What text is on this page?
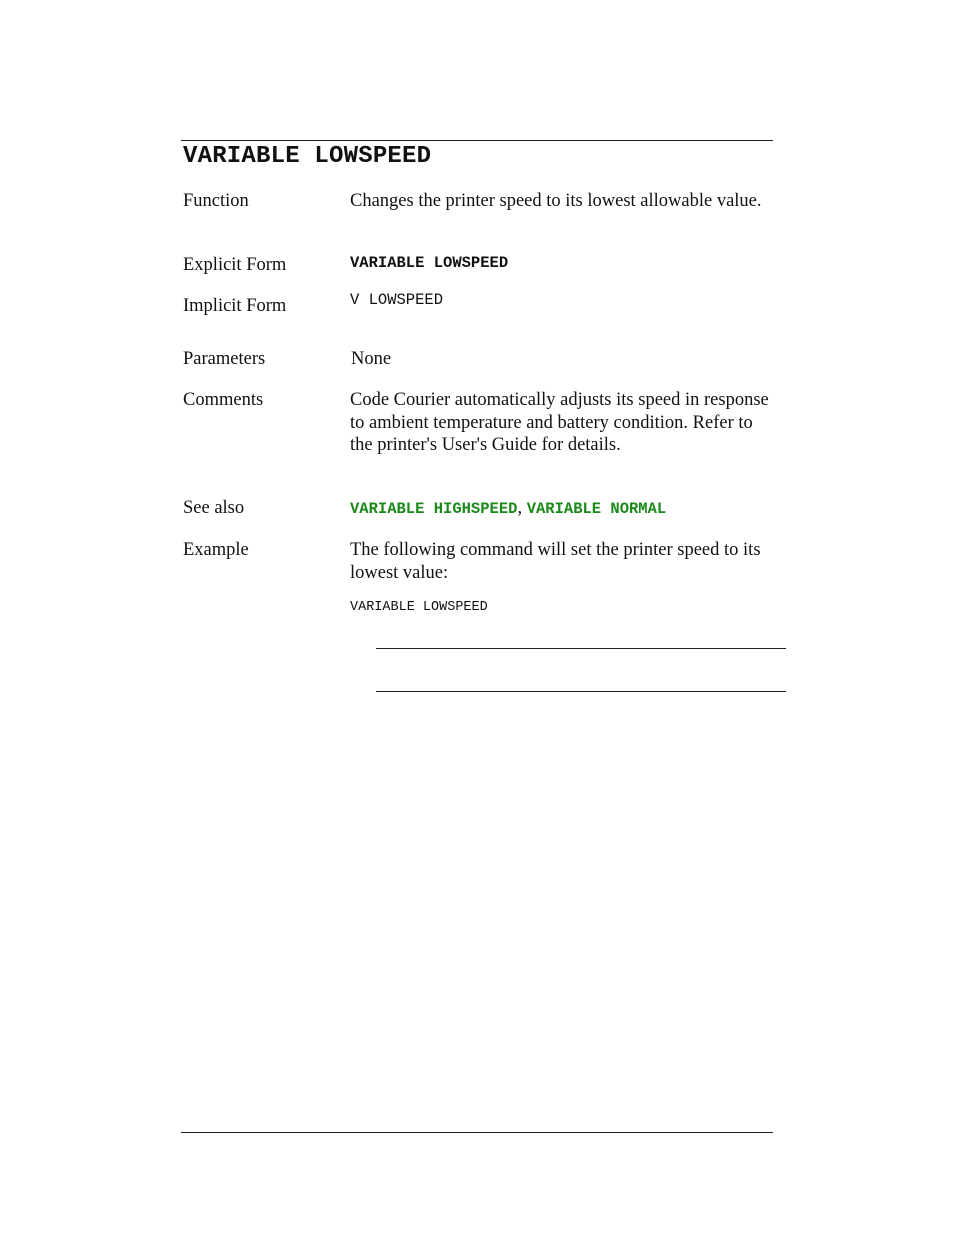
VARIABLE LOWSPEED
Function	Changes the printer speed to its lowest allowable value.
Explicit Form	VARIABLE LOWSPEED
Implicit Form	V LOWSPEED
Parameters	None
Comments	Code Courier automatically adjusts its speed in response to ambient temperature and battery condition. Refer to the printer's User's Guide for details.
See also	VARIABLE HIGHSPEED, VARIABLE NORMAL
Example	The following command will set the printer speed to its lowest value:
VARIABLE LOWSPEED
